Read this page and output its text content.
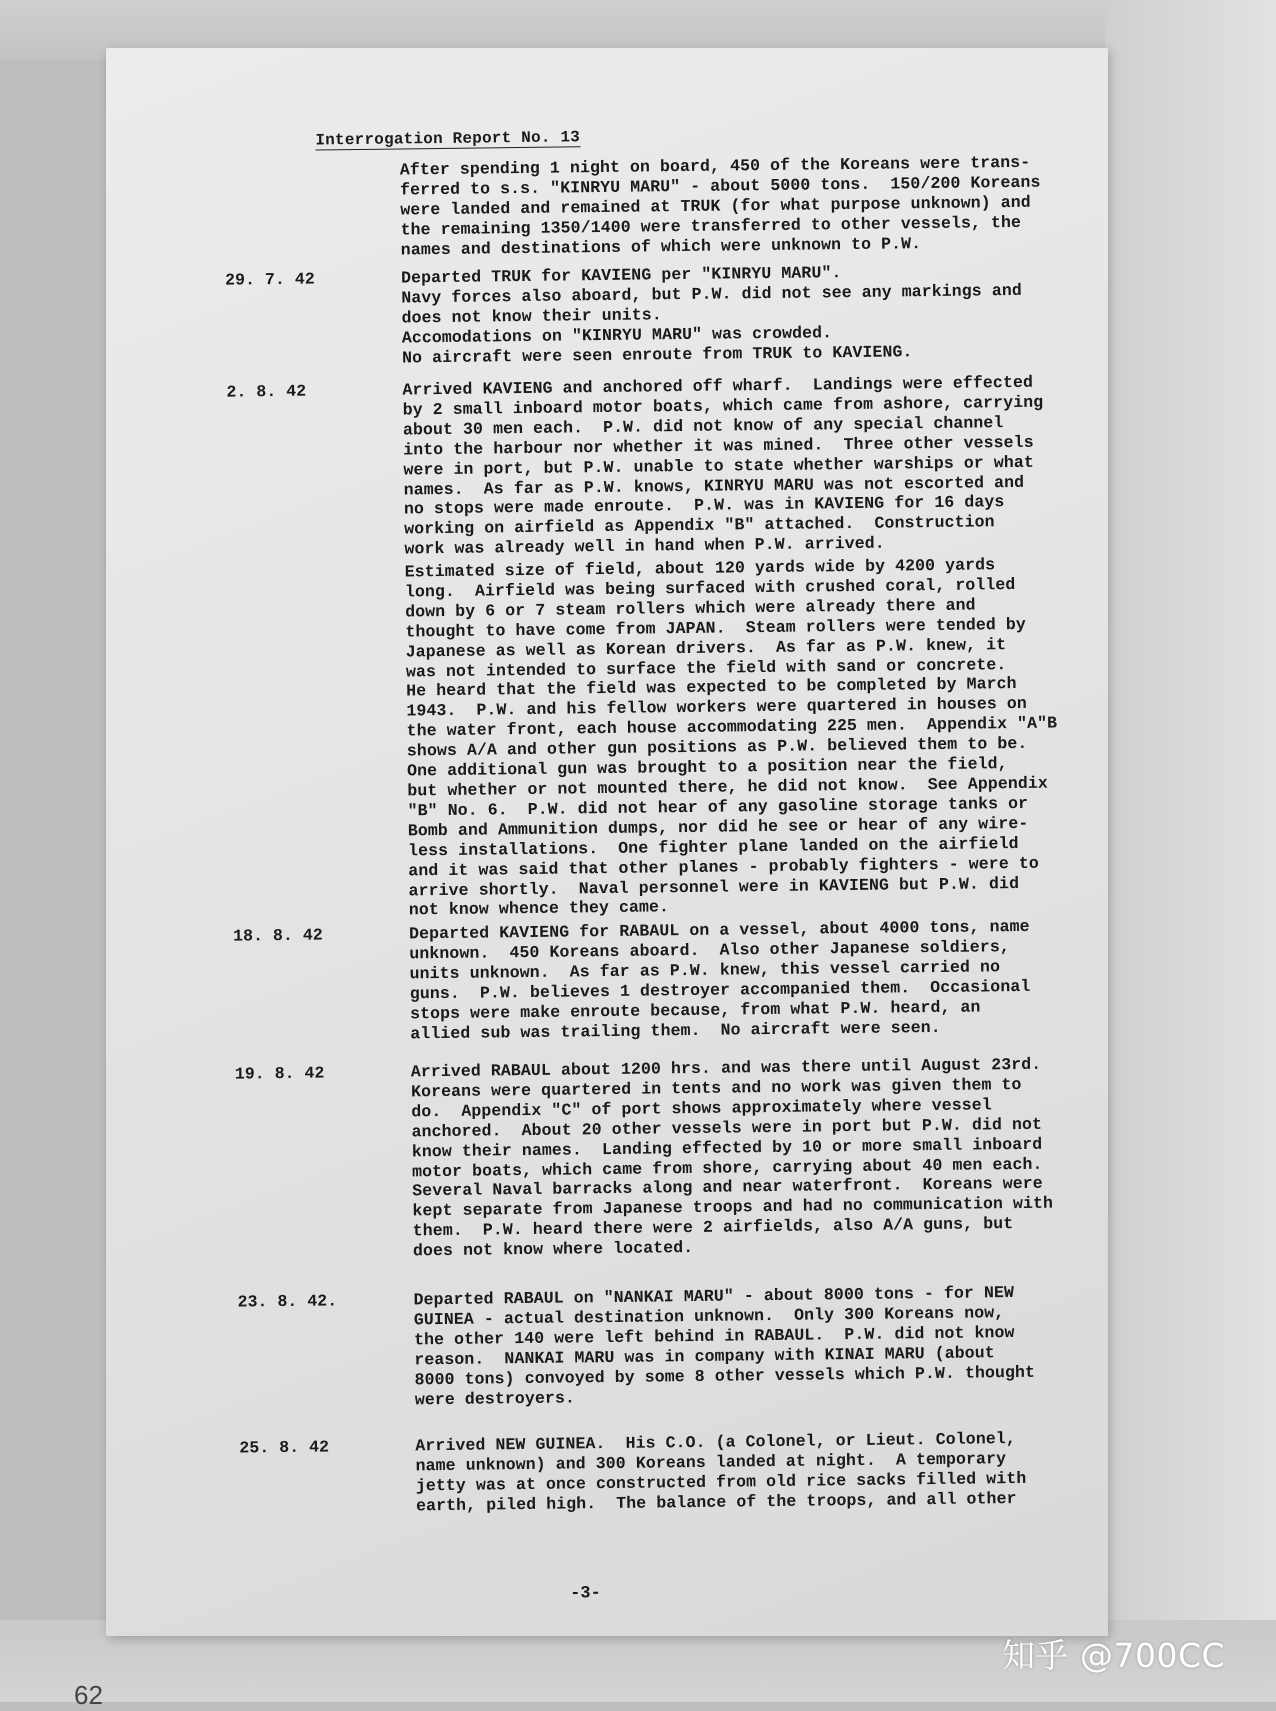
Interrogation Report No. 13
After spending 1 night on board, 450 of the Koreans were trans-
ferred to s.s. "KINRYU MARU" - about 5000 tons.  150/200 Koreans
were landed and remained at TRUK (for what purpose unknown) and
the remaining 1350/1400 were transferred to other vessels, the
names and destinations of which were unknown to P.W.
29. 7. 42	Departed TRUK for KAVIENG per "KINRYU MARU".
Navy forces also aboard, but P.W. did not see any markings and
does not know their units.
Accomodations on "KINRYU MARU" was crowded.
No aircraft were seen enroute from TRUK to KAVIENG.
2. 8. 42	Arrived KAVIENG and anchored off wharf.  Landings were effected
by 2 small inboard motor boats, which came from ashore, carrying
about 30 men each.  P.W. did not know of any special channel
into the harbour nor whether it was mined.  Three other vessels
were in port, but P.W. unable to state whether warships or what
names.  As far as P.W. knows, KINRYU MARU was not escorted and
no stops were made enroute.  P.W. was in KAVIENG for 16 days
working on airfield as Appendix "B" attached.  Construction
work was already well in hand when P.W. arrived.
Estimated size of field, about 120 yards wide by 4200 yards
long.  Airfield was being surfaced with crushed coral, rolled
down by 6 or 7 steam rollers which were already there and
thought to have come from JAPAN.  Steam rollers were tended by
Japanese as well as Korean drivers.  As far as P.W. knew, it
was not intended to surface the field with sand or concrete.
He heard that the field was expected to be completed by March
1943.  P.W. and his fellow workers were quartered in houses on
the water front, each house accommodating 225 men.  Appendix "A"B
shows A/A and other gun positions as P.W. believed them to be.
One additional gun was brought to a position near the field,
but whether or not mounted there, he did not know.  See Appendix
"B" No. 6.  P.W. did not hear of any gasoline storage tanks or
Bomb and Ammunition dumps, nor did he see or hear of any wire-
less installations.  One fighter plane landed on the airfield
and it was said that other planes - probably fighters - were to
arrive shortly.  Naval personnel were in KAVIENG but P.W. did
not know whence they came.
18. 8. 42	Departed KAVIENG for RABAUL on a vessel, about 4000 tons, name
unknown.  450 Koreans aboard.  Also other Japanese soldiers,
units unknown.  As far as P.W. knew, this vessel carried no
guns.  P.W. believes 1 destroyer accompanied them.  Occasional
stops were make enroute because, from what P.W. heard, an
allied sub was trailing them.  No aircraft were seen.
19. 8. 42	Arrived RABAUL about 1200 hrs. and was there until August 23rd.
Koreans were quartered in tents and no work was given them to
do.  Appendix "C" of port shows approximately where vessel
anchored.  About 20 other vessels were in port but P.W. did not
know their names.  Landing effected by 10 or more small inboard
motor boats, which came from shore, carrying about 40 men each.
Several Naval barracks along and near waterfront.  Koreans were
kept separate from Japanese troops and had no communication with
them.  P.W. heard there were 2 airfields, also A/A guns, but
does not know where located.
23. 8. 42.	Departed RABAUL on "NANKAI MARU" - about 8000 tons - for NEW
GUINEA - actual destination unknown.  Only 300 Koreans now,
the other 140 were left behind in RABAUL.  P.W. did not know
reason.  NANKAI MARU was in company with KINAI MARU (about
8000 tons) convoyed by some 8 other vessels which P.W. thought
were destroyers.
25. 8. 42	Arrived NEW GUINEA.  His C.O. (a Colonel, or Lieut. Colonel,
name unknown) and 300 Koreans landed at night.  A temporary
jetty was at once constructed from old rice sacks filled with
earth, piled high.  The balance of the troops, and all other
-3-
62
知乎 @700CC
